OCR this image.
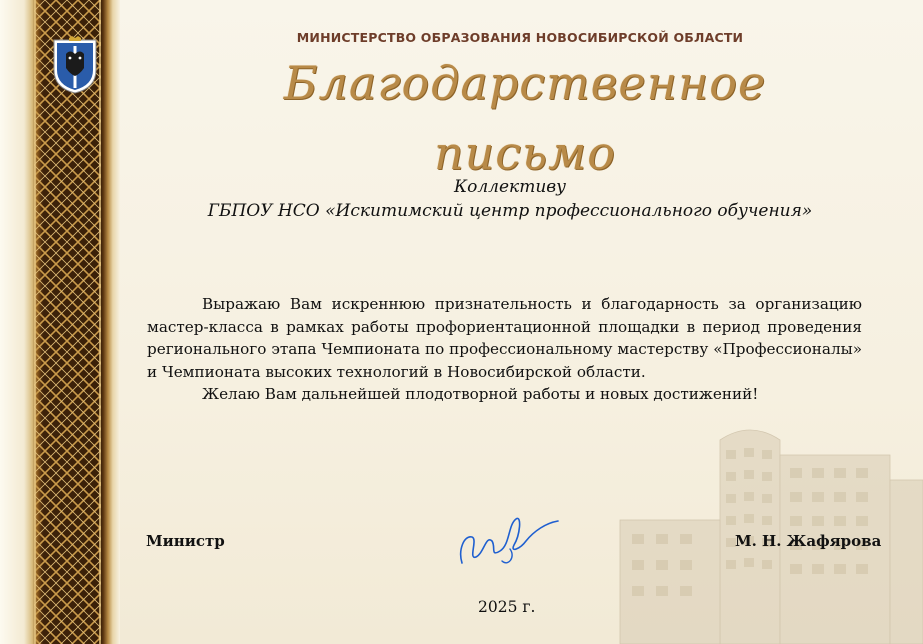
МИНИСТЕРСТВО ОБРАЗОВАНИЯ НОВОСИБИРСКОЙ ОБЛАСТИ
Благодарственное письмо
Коллективу
ГБПОУ НСО «Искитимский центр профессионального обучения»

Выражаю Вам искреннюю признательность и благодарность за организацию мастер-класса в рамках работы профориентационной площадки в период проведения регионального этапа Чемпионата по профессиональному мастерству «Профессионалы» и Чемпионата высоких технологий в Новосибирской области.

Желаю Вам дальнейшей плодотворной работы и новых достижений!

Министр	М. Н. Жафярова
2025 г.
